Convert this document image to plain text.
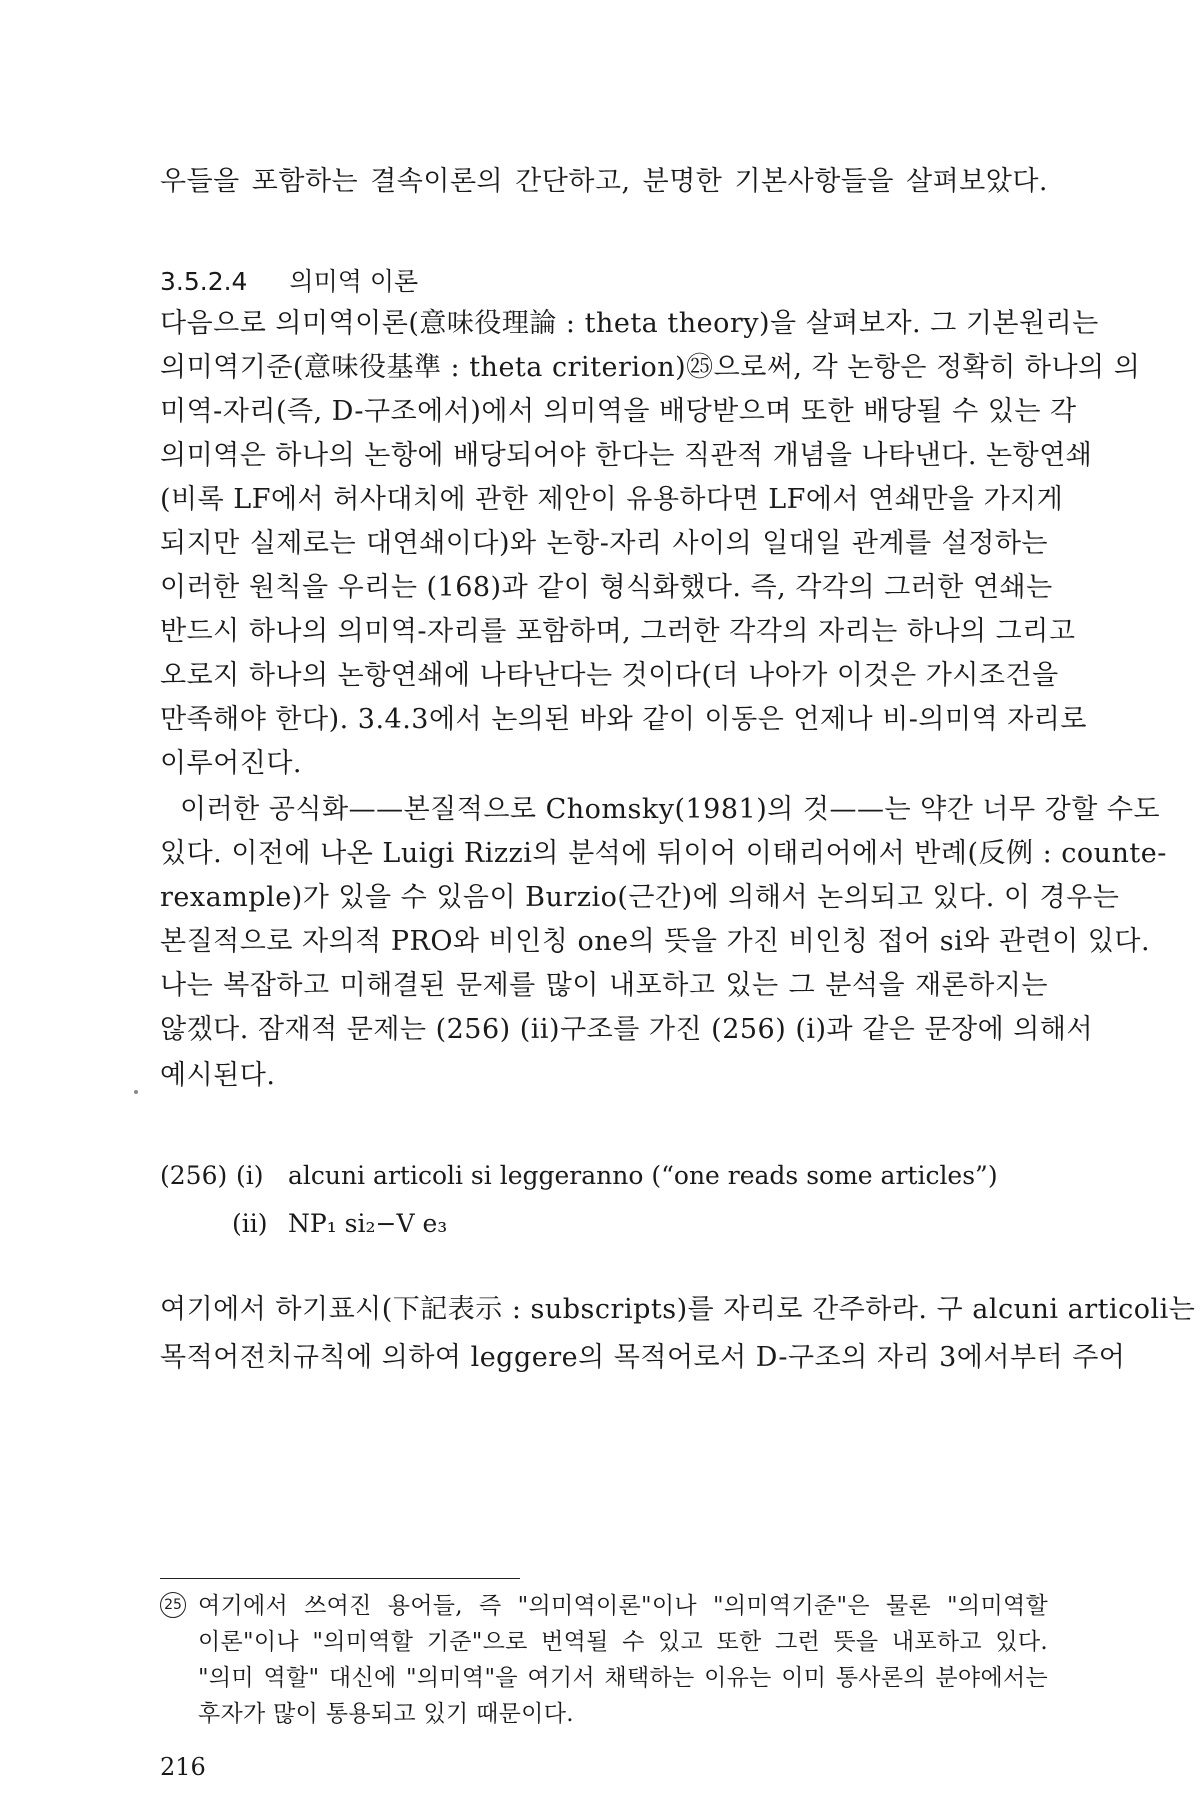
우들을 포함하는 결속이론의 간단하고, 분명한 기본사항들을 살펴보았다.
3.5.2.4 의미역 이론
다음으로 의미역이론(意味役理論 : theta theory)을 살펴보자. 그 기본원리는
의미역기준(意味役基準 : theta criterion)㉕으로써, 각 논항은 정확히 하나의 의
미역-자리(즉, D-구조에서)에서 의미역을 배당받으며 또한 배당될 수 있는 각
의미역은 하나의 논항에 배당되어야 한다는 직관적 개념을 나타낸다. 논항연쇄
(비록 LF에서 허사대치에 관한 제안이 유용하다면 LF에서 연쇄만을 가지게
되지만 실제로는 대연쇄이다)와 논항-자리 사이의 일대일 관계를 설정하는
이러한 원칙을 우리는 (168)과 같이 형식화했다. 즉, 각각의 그러한 연쇄는
반드시 하나의 의미역-자리를 포함하며, 그러한 각각의 자리는 하나의 그리고
오로지 하나의 논항연쇄에 나타난다는 것이다(더 나아가 이것은 가시조건을
만족해야 한다). 3.4.3에서 논의된 바와 같이 이동은 언제나 비-의미역 자리로
이루어진다.
이러한 공식화——본질적으로 Chomsky(1981)의 것——는 약간 너무 강할 수도
있다. 이전에 나온 Luigi Rizzi의 분석에 뒤이어 이태리어에서 반례(反例 : counte-
rexample)가 있을 수 있음이 Burzio(근간)에 의해서 논의되고 있다. 이 경우는
본질적으로 자의적 PRO와 비인칭 one의 뜻을 가진 비인칭 접어 si와 관련이 있다.
나는 복잡하고 미해결된 문제를 많이 내포하고 있는 그 분석을 재론하지는
않겠다. 잠재적 문제는 (256) (ii)구조를 가진 (256) (i)과 같은 문장에 의해서
예시된다.
(256) (i) alcuni articoli si leggeranno (“one reads some articles”)
(ii) NP₁ si₂−V e₃
여기에서 하기표시(下記表示 : subscripts)를 자리로 간주하라. 구 alcuni articoli는
목적어전치규칙에 의하여 leggere의 목적어로서 D-구조의 자리 3에서부터 주어
25 여기에서 쓰여진 용어들, 즉 "의미역이론"이나 "의미역기준"은 물론 "의미역할
이론"이나 "의미역할 기준"으로 번역될 수 있고 또한 그런 뜻을 내포하고 있다.
"의미 역할" 대신에 "의미역"을 여기서 채택하는 이유는 이미 통사론의 분야에서는
후자가 많이 통용되고 있기 때문이다.
216
